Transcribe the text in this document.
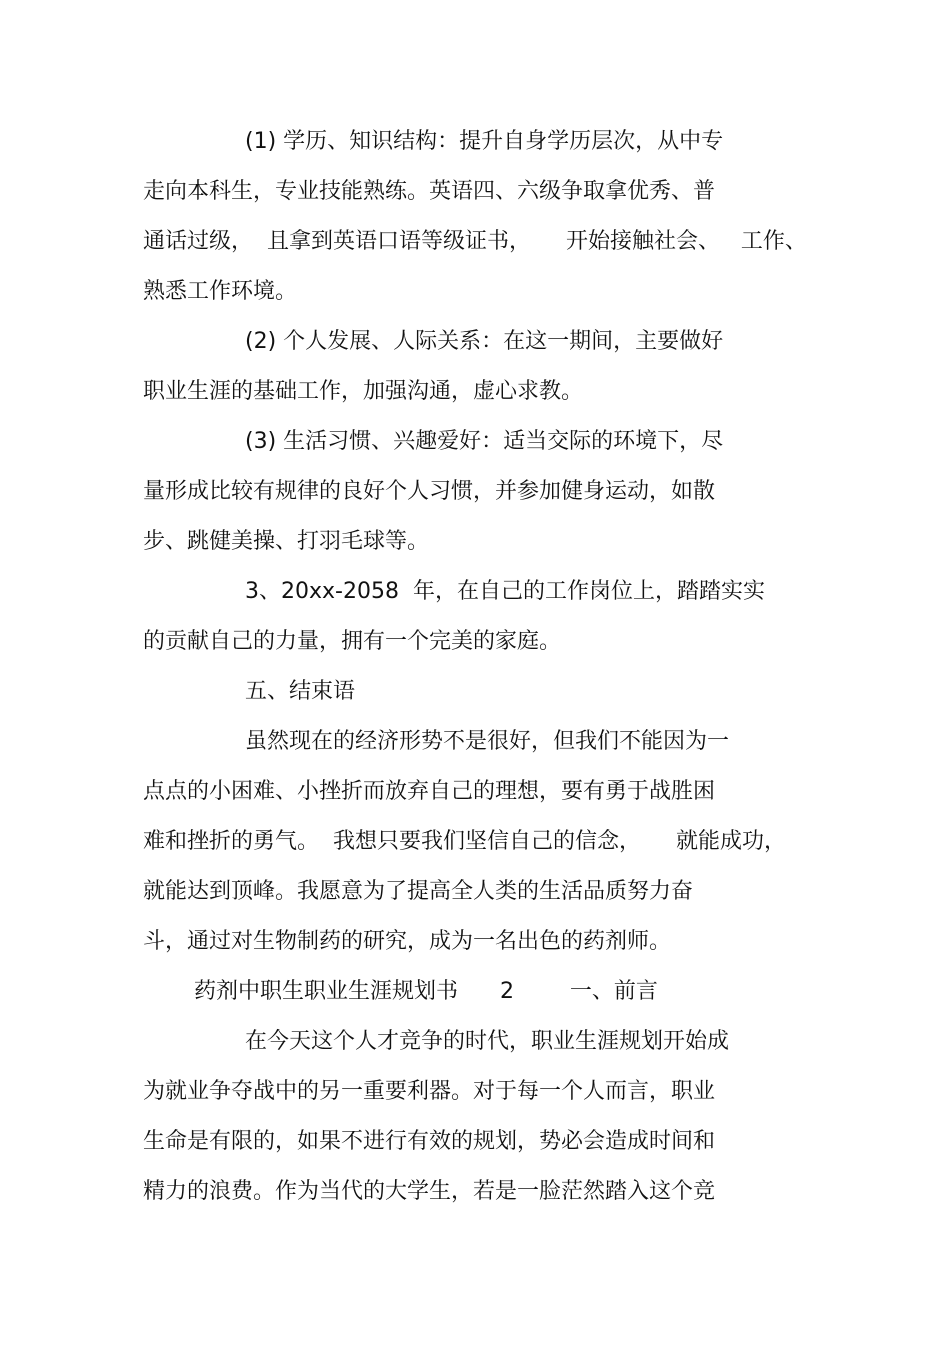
(1) 学历、知识结构：提升自身学历层次，从中专
走向本科生，专业技能熟练。英语四、六级争取拿优秀、普
通话过级，  且拿到英语口语等级证书，     开始接触社会、   工作、
熟悉工作环境。
(2) 个人发展、人际关系：在这一期间，主要做好
职业生涯的基础工作，加强沟通，虚心求教。
(3) 生活习惯、兴趣爱好：适当交际的环境下，尽
量形成比较有规律的良好个人习惯，并参加健身运动，如散
步、跳健美操、打羽毛球等。
3、20xx-2058  年，在自己的工作岗位上，踏踏实实
的贡献自己的力量，拥有一个完美的家庭。
五、结束语
虽然现在的经济形势不是很好，但我们不能因为一
点点的小困难、小挫折而放弃自己的理想，要有勇于战胜困
难和挫折的勇气。  我想只要我们坚信自己的信念，     就能成功，
就能达到顶峰。我愿意为了提高全人类的生活品质努力奋
斗，通过对生物制药的研究，成为一名出色的药剂师。
药剂中职生职业生涯规划书      2        一、前言
在今天这个人才竞争的时代，职业生涯规划开始成
为就业争夺战中的另一重要利器。对于每一个人而言，职业
生命是有限的，如果不进行有效的规划，势必会造成时间和
精力的浪费。作为当代的大学生，若是一脸茫然踏入这个竞
